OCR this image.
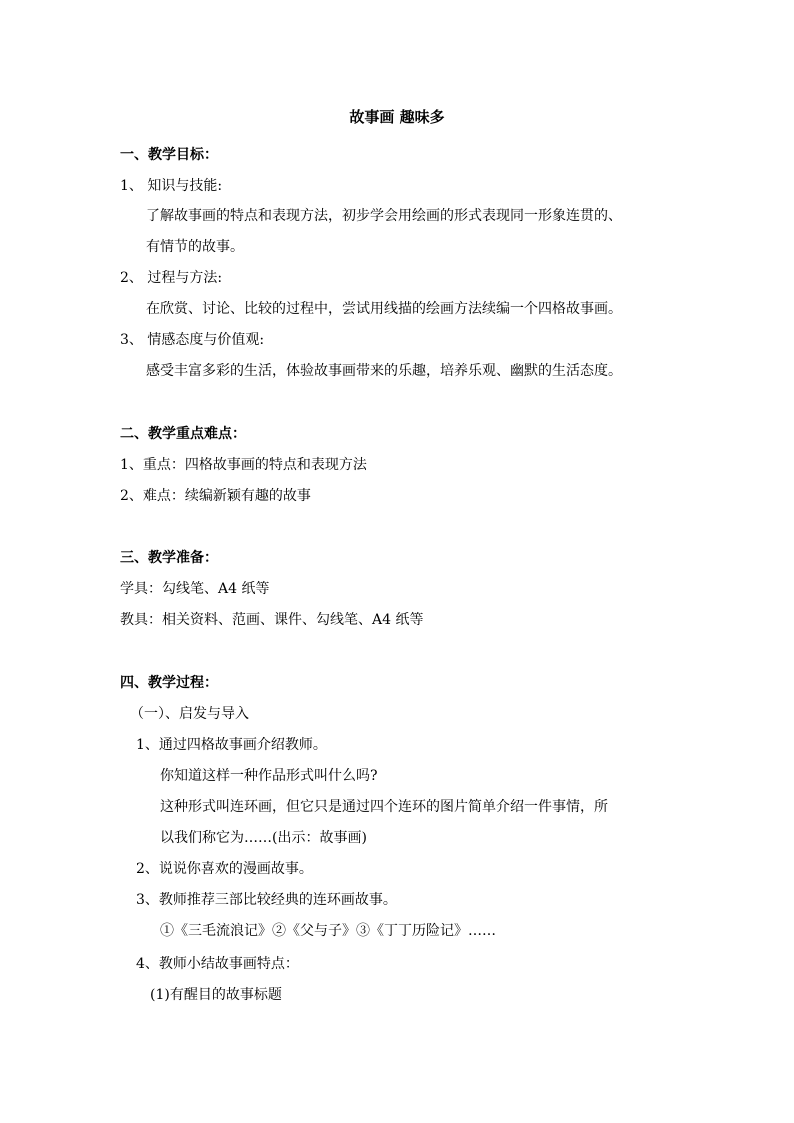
故事画 趣味多
一、教学目标：
1、 知识与技能:
了解故事画的特点和表现方法，初步学会用绘画的形式表现同一形象连贯的、
有情节的故事。
2、 过程与方法:
在欣赏、讨论、比较的过程中，尝试用线描的绘画方法续编一个四格故事画。
3、 情感态度与价值观:
感受丰富多彩的生活，体验故事画带来的乐趣，培养乐观、幽默的生活态度。
二、教学重点难点：
1、重点：四格故事画的特点和表现方法
2、难点：续编新颖有趣的故事
三、教学准备：
学具：勾线笔、A4 纸等
教具：相关资料、范画、课件、勾线笔、A4 纸等
四、教学过程：
（一）、启发与导入
1、通过四格故事画介绍教师。
你知道这样一种作品形式叫什么吗?
这种形式叫连环画，但它只是通过四个连环的图片简单介绍一件事情，所
以我们称它为……(出示：故事画)
2、说说你喜欢的漫画故事。
3、教师推荐三部比较经典的连环画故事。
①《三毛流浪记》②《父与子》③《丁丁历险记》……
4、教师小结故事画特点：
(1)有醒目的故事标题
